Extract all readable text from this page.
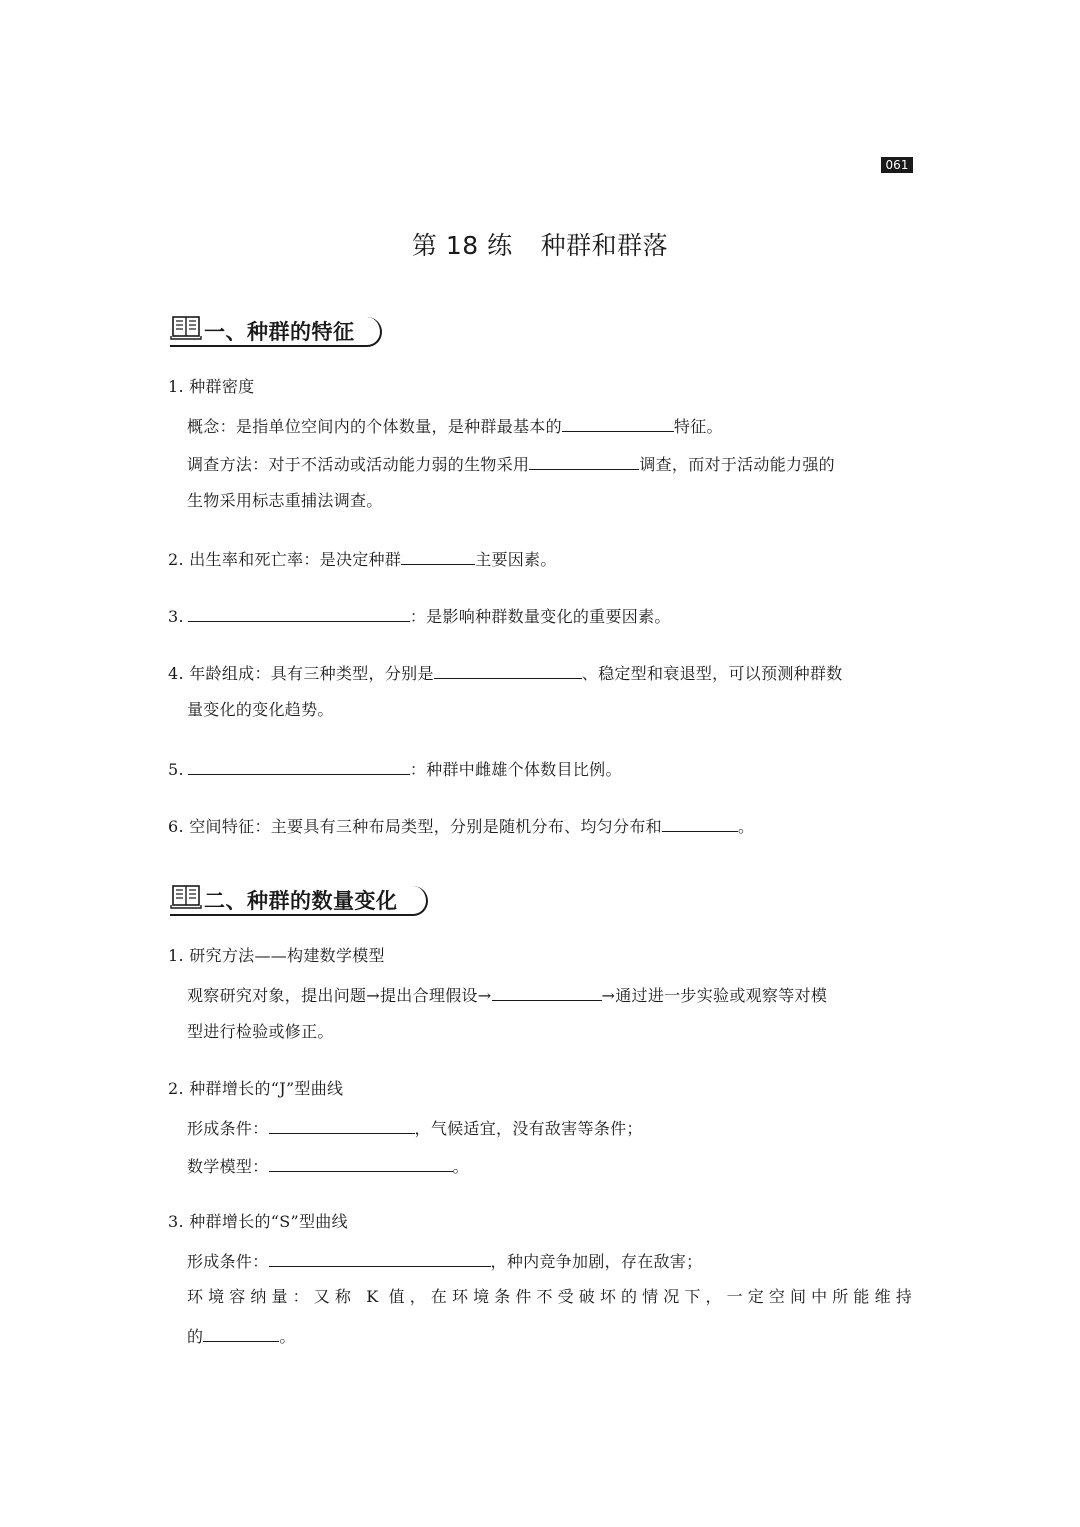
061
第 18 练 种群和群落
一、种群的特征
1. 种群密度
概念：是指单位空间内的个体数量，是种群最基本的	特征。
调查方法：对于不活动或活动能力弱的生物采用	调查，而对于活动能力强的
生物采用标志重捕法调查。
2. 出生率和死亡率：是决定种群	主要因素。
3.	：是影响种群数量变化的重要因素。
4. 年龄组成：具有三种类型，分别是	、稳定型和衰退型，可以预测种群数
量变化的变化趋势。
5.	：种群中雌雄个体数目比例。
6. 空间特征：主要具有三种布局类型，分别是随机分布、均匀分布和	。
二、种群的数量变化
1. 研究方法——构建数学模型
观察研究对象，提出问题→提出合理假设→	→通过进一步实验或观察等对模
型进行检验或修正。
2. 种群增长的“J”型曲线
形成条件：	，气候适宜，没有敌害等条件；
数学模型：	。
3. 种群增长的“S”型曲线
形成条件：	，种内竞争加剧，存在敌害；
环境容纳量：又称 K 值，在环境条件不受破坏的情况下，一定空间中所能维持
的	。
